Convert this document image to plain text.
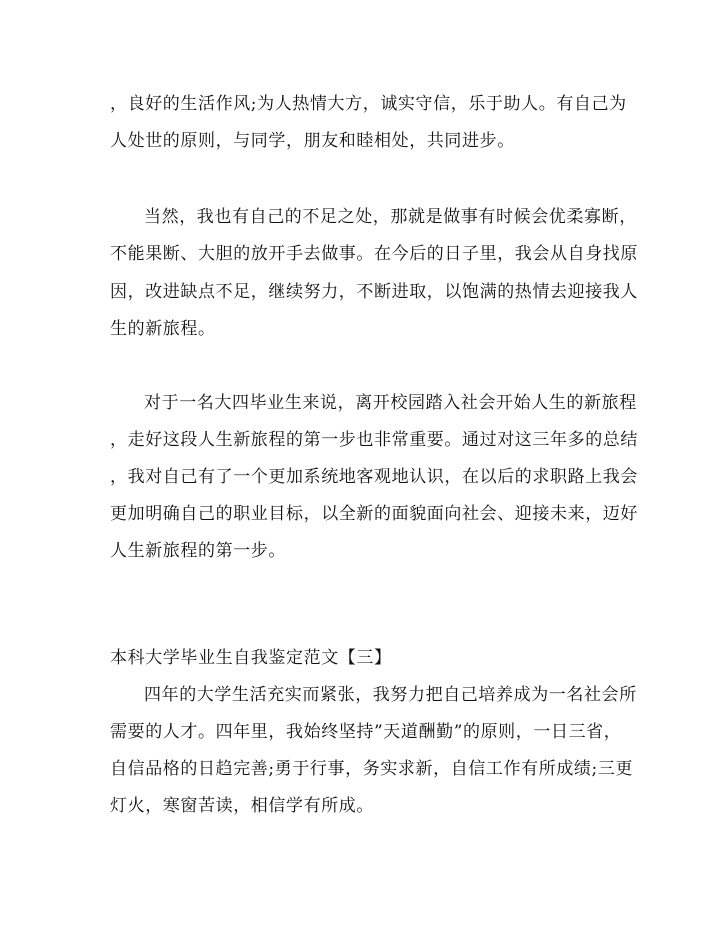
，良好的生活作风;为人热情大方，诚实守信，乐于助人。有自己为
人处世的原则，与同学，朋友和睦相处，共同进步。
当然，我也有自己的不足之处，那就是做事有时候会优柔寡断，
不能果断、大胆的放开手去做事。在今后的日子里，我会从自身找原
因，改进缺点不足，继续努力，不断进取，以饱满的热情去迎接我人
生的新旅程。
对于一名大四毕业生来说，离开校园踏入社会开始人生的新旅程
，走好这段人生新旅程的第一步也非常重要。通过对这三年多的总结
，我对自己有了一个更加系统地客观地认识，在以后的求职路上我会
更加明确自己的职业目标，以全新的面貌面向社会、迎接未来，迈好
人生新旅程的第一步。
本科大学毕业生自我鉴定范文【三】
四年的大学生活充实而紧张，我努力把自己培养成为一名社会所
需要的人才。四年里，我始终坚持”天道酬勤”的原则，一日三省，
自信品格的日趋完善;勇于行事，务实求新，自信工作有所成绩;三更
灯火，寒窗苦读，相信学有所成。
